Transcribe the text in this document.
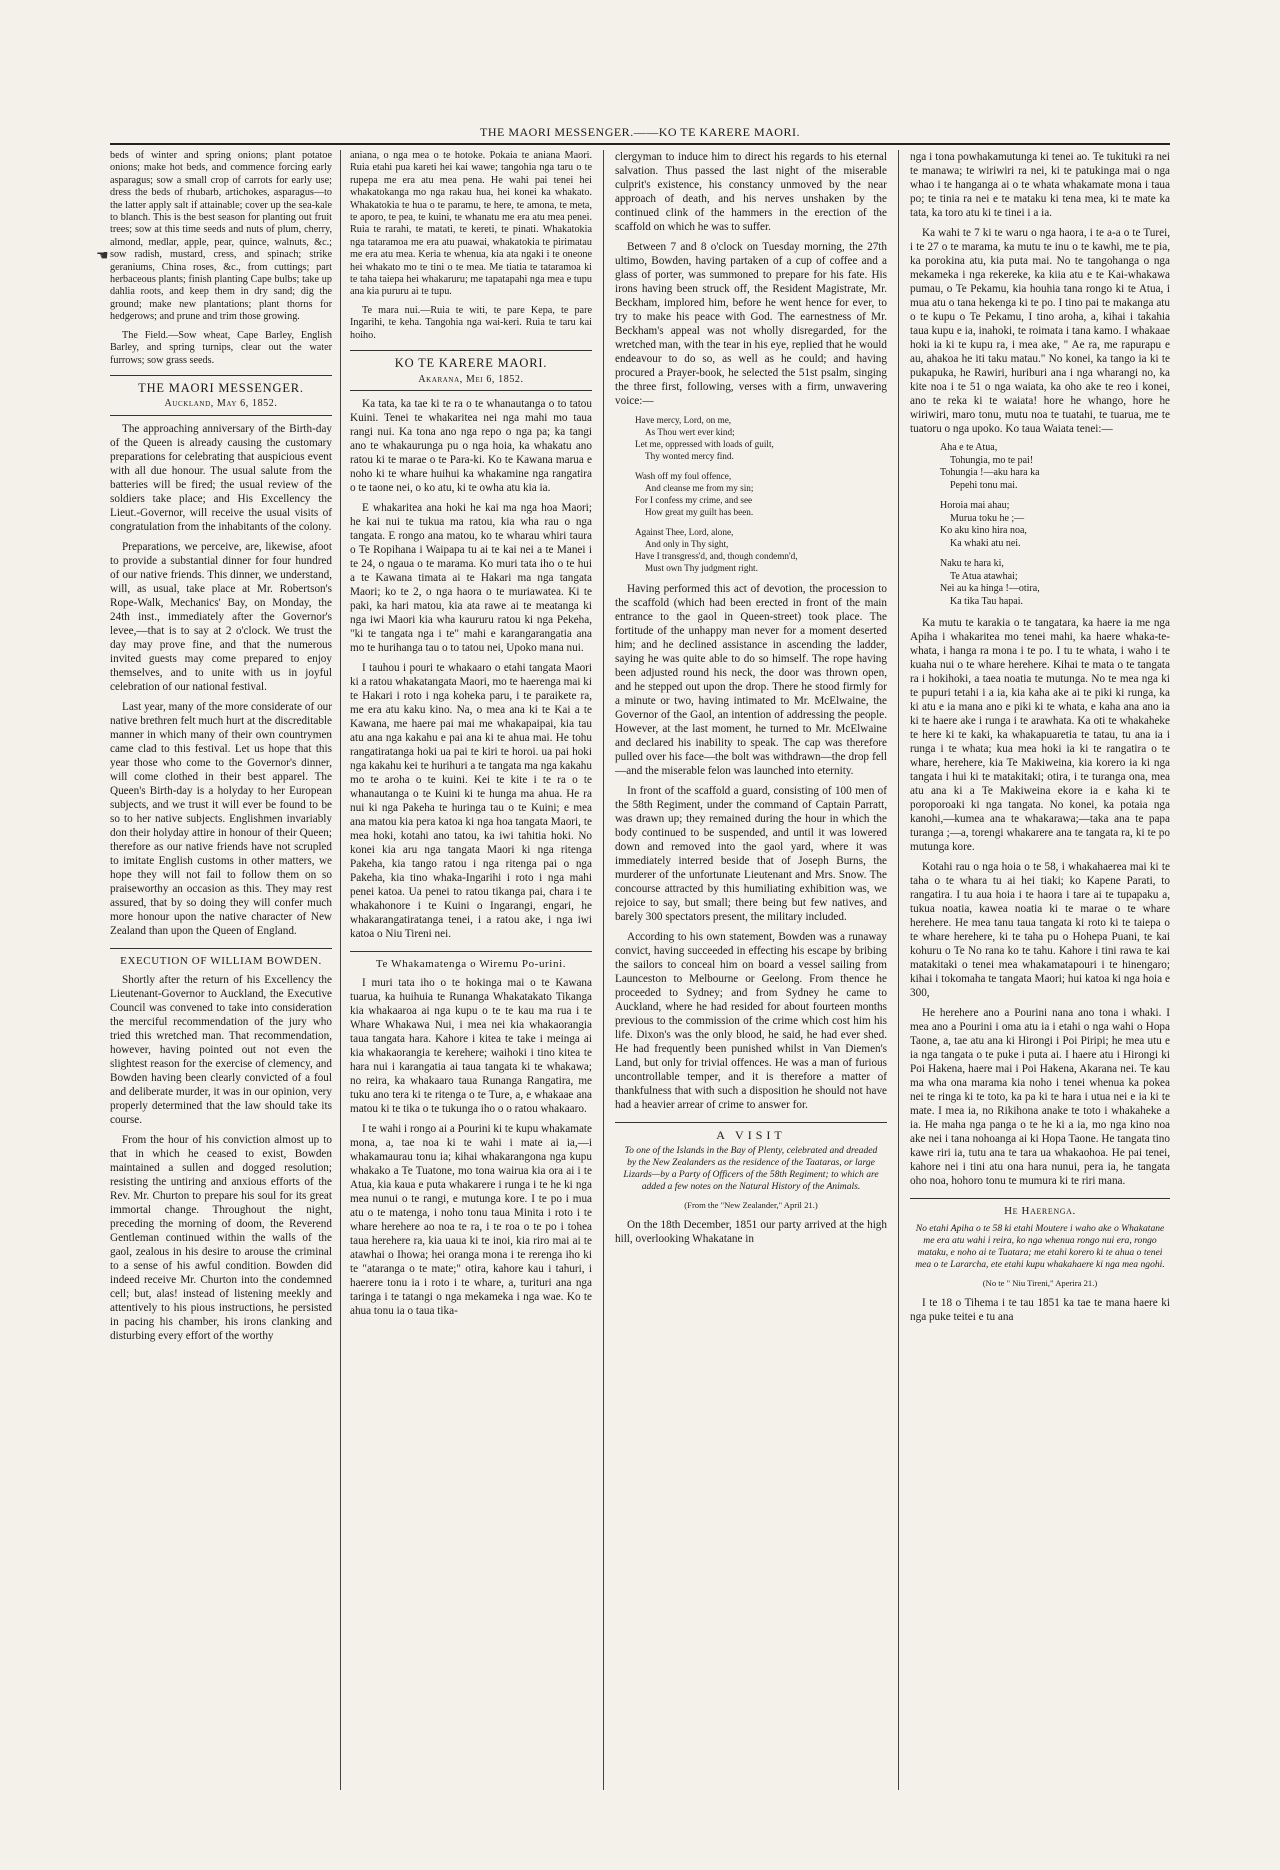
THE MAORI MESSENGER.——KO TE KARERE MAORI.
☚

beds of winter and spring onions; plant potatoe onions; make hot beds, and commence forcing early asparagus; sow a small crop of carrots for early use; dress the beds of rhubarb, artichokes, asparagus—to the latter apply salt if attainable; cover up the sea-kale to blanch. This is the best season for planting out fruit trees; sow at this time seeds and nuts of plum, cherry, almond, medlar, apple, pear, quince, walnuts, &c.; sow radish, mustard, cress, and spinach; strike geraniums, China roses, &c., from cuttings; part herbaceous plants; finish planting Cape bulbs; take up dahlia roots, and keep them in dry sand; dig the ground; make new plantations; plant thorns for hedgerows; and prune and trim those growing.

The Field.—Sow wheat, Cape Barley, English Barley, and spring turnips, clear out the water furrows; sow grass seeds.

THE MAORI MESSENGER.
Auckland, May 6, 1852.

The approaching anniversary of the Birth-day of the Queen is already causing the customary preparations for celebrating that auspicious event with all due honour. The usual salute from the batteries will be fired; the usual review of the soldiers take place; and His Excellency the Lieut.-Governor, will receive the usual visits of congratulation from the inhabitants of the colony.

Preparations, we perceive, are, likewise, afoot to provide a substantial dinner for four hundred of our native friends. This dinner, we understand, will, as usual, take place at Mr. Robertson's Rope-Walk, Mechanics' Bay, on Monday, the 24th inst., immediately after the Governor's levee,—that is to say at 2 o'clock. We trust the day may prove fine, and that the numerous invited guests may come prepared to enjoy themselves, and to unite with us in joyful celebration of our national festival.

Last year, many of the more considerate of our native brethren felt much hurt at the discreditable manner in which many of their own countrymen came clad to this festival. Let us hope that this year those who come to the Governor's dinner, will come clothed in their best apparel. The Queen's Birth-day is a holyday to her European subjects, and we trust it will ever be found to be so to her native subjects. Englishmen invariably don their holyday attire in honour of their Queen; therefore as our native friends have not scrupled to imitate English customs in other matters, we hope they will not fail to follow them on so praiseworthy an occasion as this. They may rest assured, that by so doing they will confer much more honour upon the native character of New Zealand than upon the Queen of England.

EXECUTION OF WILLIAM BOWDEN.

Shortly after the return of his Excellency the Lieutenant-Governor to Auckland, the Executive Council was convened to take into consideration the merciful recommendation of the jury who tried this wretched man. That recommendation, however, having pointed out not even the slightest reason for the exercise of clemency, and Bowden having been clearly convicted of a foul and deliberate murder, it was in our opinion, very properly determined that the law should take its course.

From the hour of his conviction almost up to that in which he ceased to exist, Bowden maintained a sullen and dogged resolution; resisting the untiring and anxious efforts of the Rev. Mr. Churton to prepare his soul for its great immortal change. Throughout the night, preceding the morning of doom, the Reverend Gentleman continued within the walls of the gaol, zealous in his desire to arouse the criminal to a sense of his awful condition. Bowden did indeed receive Mr. Churton into the condemned cell; but, alas! instead of listening meekly and attentively to his pious instructions, he persisted in pacing his chamber, his irons clanking and disturbing every effort of the worthy

aniana, o nga mea o te hotoke. Pokaia te aniana Maori. Ruia etahi pua kareti hei kai wawe; tangohia nga taru o te rupepa me era atu mea pena. He wahi pai tenei hei whakatokanga mo nga rakau hua, hei konei ka whakato. Whakatokia te hua o te paramu, te here, te amona, te meta, te aporo, te pea, te kuini, te whanatu me era atu mea penei. Ruia te rarahi, te matati, te kereti, te pinati. Whakatokia nga tataramoa me era atu puawai, whakatokia te pirimatau me era atu mea. Keria te whenua, kia ata ngaki i te oneone hei whakato mo te tini o te mea. Me tiatia te tataramoa ki te taha taiepa hei whakaruru; me tapatapahi nga mea e tupu ana kia pururu ai te tupu.

Te mara nui.—Ruia te witi, te pare Kepa, te pare Ingarihi, te keha. Tangohia nga wai-keri. Ruia te taru kai hoiho.

KO TE KARERE MAORI.
Akarana, Mei 6, 1852.

Ka tata, ka tae ki te ra o te whanautanga o to tatou Kuini. Tenei te whakaritea nei nga mahi mo taua rangi nui. Ka tona ano nga repo o nga pa; ka tangi ano te whakaurunga pu o nga hoia, ka whakatu ano ratou ki te marae o te Para-ki. Ko te Kawana marua e noho ki te whare huihui ka whakamine nga rangatira o te taone nei, o ko atu, ki te owha atu kia ia.

E whakaritea ana hoki he kai ma nga hoa Maori; he kai nui te tukua ma ratou, kia wha rau o nga tangata. E rongo ana matou, ko te wharau whiri taura o Te Ropihana i Waipapa tu ai te kai nei a te Manei i te 24, o ngaua o te marama. Ko muri tata iho o te hui a te Kawana timata ai te Hakari ma nga tangata Maori; ko te 2, o nga haora o te muriawatea. Ki te paki, ka hari matou, kia ata rawe ai te meatanga ki nga iwi Maori kia wha kaururu ratou ki nga Pekeha, "ki te tangata nga i te" mahi e karangarangatia ana mo te hurihanga tau o to tatou nei, Upoko mana nui.

I tauhou i pouri te whakaaro o etahi tangata Maori ki a ratou whakatangata Maori, mo te haerenga mai ki te Hakari i roto i nga koheka paru, i te paraikete ra, me era atu kaku kino. Na, o mea ana ki te Kai a te Kawana, me haere pai mai me whakapaipai, kia tau atu ana nga kakahu e pai ana ki te ahua mai. He tohu rangatiratanga hoki ua pai te kiri te horoi. ua pai hoki nga kakahu kei te hurihuri a te tangata ma nga kakahu mo te aroha o te kuini. Kei te kite i te ra o te whanautanga o te Kuini ki te hunga ma ahua. He ra nui ki nga Pakeha te huringa tau o te Kuini; e mea ana matou kia pera katoa ki nga hoa tangata Maori, te mea hoki, kotahi ano tatou, ka iwi tahitia hoki. No konei kia aru nga tangata Maori ki nga ritenga Pakeha, kia tango ratou i nga ritenga pai o nga Pakeha, kia tino whaka-Ingarihi i roto i nga mahi penei katoa. Ua penei to ratou tikanga pai, chara i te whakahonore i te Kuini o Ingarangi, engari, he whakarangatiratanga tenei, i a ratou ake, i nga iwi katoa o Niu Tireni nei.

Te Whakamatenga o Wiremu Po-urini.

I muri tata iho o te hokinga mai o te Kawana tuarua, ka huihuia te Runanga Whakatakato Tikanga kia whakaaroa ai nga kupu o te te kau ma rua i te Whare Whakawa Nui, i mea nei kia whakaorangia taua tangata hara. Kahore i kitea te take i meinga ai kia whakaorangia te kerehere; waihoki i tino kitea te hara nui i karangatia ai taua tangata ki te whakawa; no reira, ka whakaaro taua Runanga Rangatira, me tuku ano tera ki te ritenga o te Ture, a, e whakaae ana matou ki te tika o te tukunga iho o o ratou whakaaro.

I te wahi i rongo ai a Pourini ki te kupu whakamate mona, a, tae noa ki te wahi i mate ai ia,—i whakamaurau tonu ia; kihai whakarangona nga kupu whakako a Te Tuatone, mo tona wairua kia ora ai i te Atua, kia kaua e puta whakarere i runga i te he ki nga mea nunui o te rangi, e mutunga kore. I te po i mua atu o te matenga, i noho tonu taua Minita i roto i te whare herehere ao noa te ra, i te roa o te po i tohea taua herehere ra, kia uaua ki te inoi, kia riro mai ai te atawhai o Ihowa; hei oranga mona i te rerenga iho ki te "ataranga o te mate;" otira, kahore kau i tahuri, i haerere tonu ia i roto i te whare, a, turituri ana nga taringa i te tatangi o nga mekameka i nga wae. Ko te ahua tonu ia o taua tika-

clergyman to induce him to direct his regards to his eternal salvation. Thus passed the last night of the miserable culprit's existence, his constancy unmoved by the near approach of death, and his nerves unshaken by the continued clink of the hammers in the erection of the scaffold on which he was to suffer.

Between 7 and 8 o'clock on Tuesday morning, the 27th ultimo, Bowden, having partaken of a cup of coffee and a glass of porter, was summoned to prepare for his fate. His irons having been struck off, the Resident Magistrate, Mr. Beckham, implored him, before he went hence for ever, to try to make his peace with God. The earnestness of Mr. Beckham's appeal was not wholly disregarded, for the wretched man, with the tear in his eye, replied that he would endeavour to do so, as well as he could; and having procured a Prayer-book, he selected the 51st psalm, singing the three first, following, verses with a firm, unwavering voice:—

Have mercy, Lord, on me,
As Thou wert ever kind;
Let me, oppressed with loads of guilt,
Thy wonted mercy find.
Wash off my foul offence,
And cleanse me from my sin;
For I confess my crime, and see
How great my guilt has been.
Against Thee, Lord, alone,
And only in Thy sight,
Have I transgress'd, and, though condemn'd,
Must own Thy judgment right.

Having performed this act of devotion, the procession to the scaffold (which had been erected in front of the main entrance to the gaol in Queen-street) took place. The fortitude of the unhappy man never for a moment deserted him; and he declined assistance in ascending the ladder, saying he was quite able to do so himself. The rope having been adjusted round his neck, the door was thrown open, and he stepped out upon the drop. There he stood firmly for a minute or two, having intimated to Mr. McElwaine, the Governor of the Gaol, an intention of addressing the people. However, at the last moment, he turned to Mr. McElwaine and declared his inability to speak. The cap was therefore pulled over his face—the bolt was withdrawn—the drop fell—and the miserable felon was launched into eternity.

In front of the scaffold a guard, consisting of 100 men of the 58th Regiment, under the command of Captain Parratt, was drawn up; they remained during the hour in which the body continued to be suspended, and until it was lowered down and removed into the gaol yard, where it was immediately interred beside that of Joseph Burns, the murderer of the unfortunate Lieutenant and Mrs. Snow. The concourse attracted by this humiliating exhibition was, we rejoice to say, but small; there being but few natives, and barely 300 spectators present, the military included.

According to his own statement, Bowden was a runaway convict, having succeeded in effecting his escape by bribing the sailors to conceal him on board a vessel sailing from Launceston to Melbourne or Geelong. From thence he proceeded to Sydney; and from Sydney he came to Auckland, where he had resided for about fourteen months previous to the commission of the crime which cost him his life. Dixon's was the only blood, he said, he had ever shed. He had frequently been punished whilst in Van Diemen's Land, but only for trivial offences. He was a man of furious uncontrollable temper, and it is therefore a matter of thankfulness that with such a disposition he should not have had a heavier arrear of crime to answer for.

A VISIT
To one of the Islands in the Bay of Plenty, celebrated and dreaded by the New Zealanders as the residence of the Taataras, or large Lizards—by a Party of Officers of the 58th Regiment; to which are added a few notes on the Natural History of the Animals.
(From the "New Zealander," April 21.)

On the 18th December, 1851 our party arrived at the high hill, overlooking Whakatane in

nga i tona powhakamutunga ki tenei ao. Te tukituki ra nei te manawa; te wiriwiri ra nei, ki te patukinga mai o nga whao i te hanganga ai o te whata whakamate mona i taua po; te tinia ra nei e te mataku ki tena mea, ki te mate ka tata, ka toro atu ki te tinei i a ia.

Ka wahi te 7 ki te waru o nga haora, i te a-a o te Turei, i te 27 o te marama, ka mutu te inu o te kawhi, me te pia, ka porokina atu, kia puta mai. No te tangohanga o nga mekameka i nga rekereke, ka kiia atu e te Kai-whakawa pumau, o Te Pekamu, kia houhia tana rongo ki te Atua, i mua atu o tana hekenga ki te po. I tino pai te makanga atu o te kupu o Te Pekamu, I tino aroha, a, kihai i takahia taua kupu e ia, inahoki, te roimata i tana kamo. I whakaae hoki ia ki te kupu ra, i mea ake, " Ae ra, me rapurapu e au, ahakoa he iti taku matau." No konei, ka tango ia ki te pukapuka, he Rawiri, huriburi ana i nga wharangi no, ka kite noa i te 51 o nga waiata, ka oho ake te reo i konei, ano te reka ki te waiata! hore he whango, hore he wiriwiri, maro tonu, mutu noa te tuatahi, te tuarua, me te tuatoru o nga upoko. Ko taua Waiata tenei:—

Aha e te Atua,
Tohungia, mo te pai!
Tohungia !—aku hara ka
Pepehi tonu mai.
Horoia mai ahau;
Murua toku he ;—
Ko aku kino hira noa,
Ka whaki atu nei.
Naku te hara ki,
Te Atua atawhai;
Nei au ka hinga !—otira,
Ka tika Tau hapai.

Ka mutu te karakia o te tangatara, ka haere ia me nga Apiha i whakaritea mo tenei mahi, ka haere whaka-te-whata, i hanga ra mona i te po. I tu te whata, i waho i te kuaha nui o te whare herehere. Kihai te mata o te tangata ra i hokihoki, a taea noatia te mutunga. No te mea nga ki te pupuri tetahi i a ia, kia kaha ake ai te piki ki runga, ka ki atu e ia mana ano e piki ki te whata, e kaha ana ano ia ki te haere ake i runga i te arawhata. Ka oti te whakaheke te here ki te kaki, ka whakapuaretia te tatau, tu ana ia i runga i te whata; kua mea hoki ia ki te rangatira o te whare, herehere, kia Te Makiweina, kia korero ia ki nga tangata i hui ki te matakitaki; otira, i te turanga ona, mea atu ana ki a Te Makiweina ekore ia e kaha ki te poroporoaki ki nga tangata. No konei, ka potaia nga kanohi,—kumea ana te whakarawa;—taka ana te papa turanga ;—a, torengi whakarere ana te tangata ra, ki te po mutunga kore.

Kotahi rau o nga hoia o te 58, i whakahaerea mai ki te taha o te whara tu ai hei tiaki; ko Kapene Parati, to rangatira. I tu aua hoia i te haora i tare ai te tupapaku a, tukua noatia, kawea noatia ki te marae o te whare herehere. He mea tanu taua tangata ki roto ki te taiepa o te whare herehere, ki te taha pu o Hohepa Puani, te kai kohuru o Te No rana ko te tahu. Kahore i tini rawa te kai matakitaki o tenei mea whakamatapouri i te hinengaro; kihai i tokomaha te tangata Maori; hui katoa ki nga hoia e 300,

He herehere ano a Pourini nana ano tona i whaki. I mea ano a Pourini i oma atu ia i etahi o nga wahi o Hopa Taone, a, tae atu ana ki Hirongi i Poi Piripi; he mea utu e ia nga tangata o te puke i puta ai. I haere atu i Hirongi ki Poi Hakena, haere mai i Poi Hakena, Akarana nei. Te kau ma wha ona marama kia noho i tenei whenua ka pokea nei te ringa ki te toto, ka pa ki te hara i utua nei e ia ki te mate. I mea ia, no Rikihona anake te toto i whakaheke a ia. He maha nga panga o te he ki a ia, mo nga kino noa ake nei i tana nohoanga ai ki Hopa Taone. He tangata tino kawe riri ia, tutu ana te tara ua whakaohoa. He pai tenei, kahore nei i tini atu ona hara nunui, pera ia, he tangata oho noa, hohoro tonu te mumura ki te riri mana.

He Haerenga.
No etahi Apiha o te 58 ki etahi Moutere i waho ake o Whakatane me era atu wahi i reira, ko nga whenua rongo nui era, rongo mataku, e noho ai te Tuatara; me etahi korero ki te ahua o tenei mea o te Lararcha, ete etahi kupu whakahaere ki nga mea ngohi.
(No te " Niu Tireni," Aperira 21.)

I te 18 o Tihema i te tau 1851 ka tae te mana haere ki nga puke teitei e tu ana
